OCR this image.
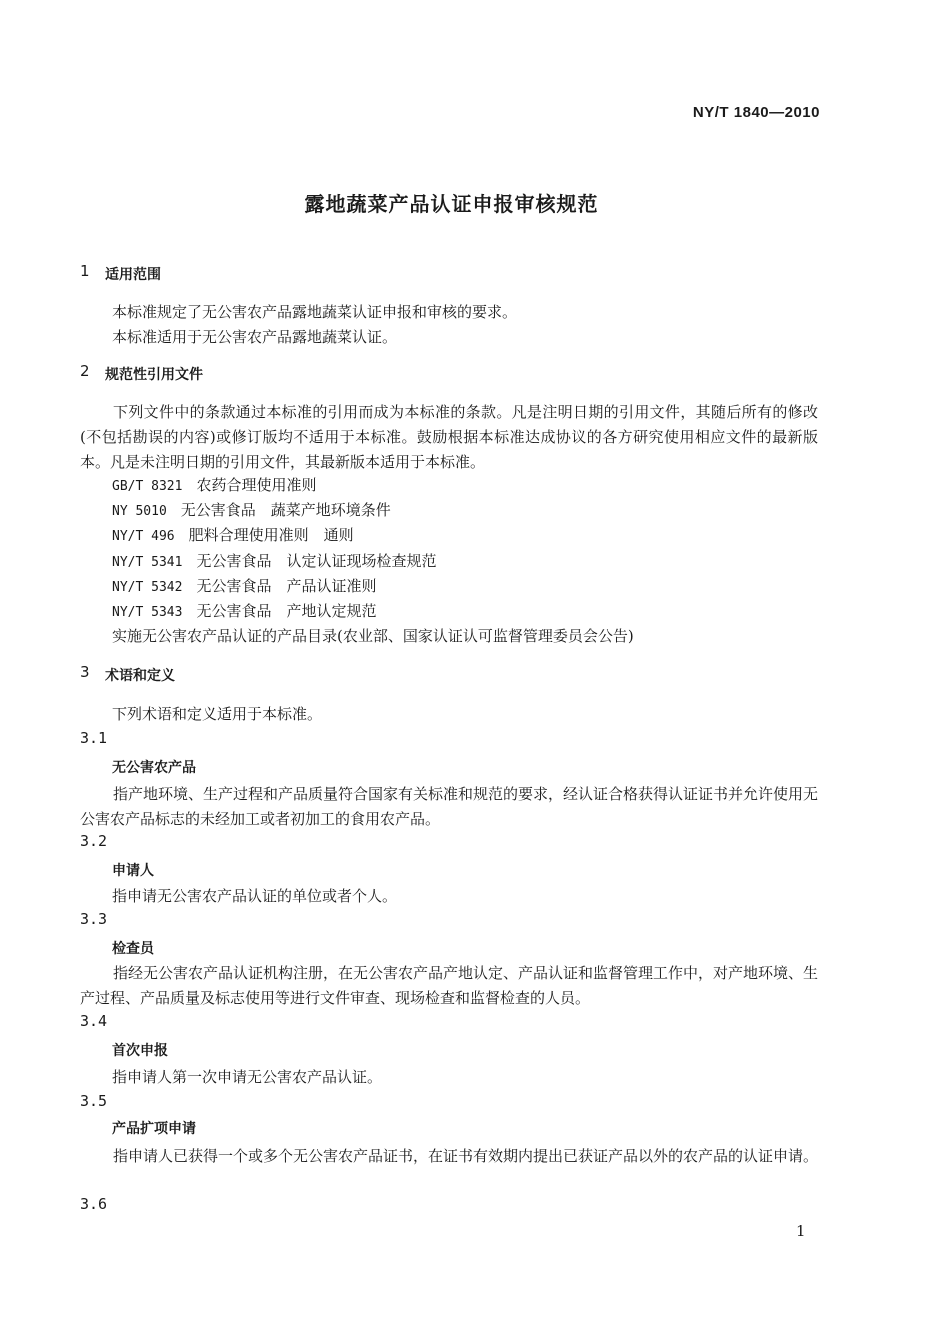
NY/T 1840—2010
露地蔬菜产品认证申报审核规范
1 适用范围
本标准规定了无公害农产品露地蔬菜认证申报和审核的要求。
本标准适用于无公害农产品露地蔬菜认证。
2 规范性引用文件
下列文件中的条款通过本标准的引用而成为本标准的条款。凡是注明日期的引用文件，其随后所有的修改(不包括勘误的内容)或修订版均不适用于本标准。鼓励根据本标准达成协议的各方研究使用相应文件的最新版本。凡是未注明日期的引用文件，其最新版本适用于本标准。
GB/T 8321 农药合理使用准则
NY 5010 无公害食品　蔬菜产地环境条件
NY/T 496 肥料合理使用准则　通则
NY/T 5341 无公害食品　认定认证现场检查规范
NY/T 5342 无公害食品　产品认证准则
NY/T 5343 无公害食品　产地认定规范
实施无公害农产品认证的产品目录(农业部、国家认证认可监督管理委员会公告)
3 术语和定义
下列术语和定义适用于本标准。
3.1
无公害农产品
指产地环境、生产过程和产品质量符合国家有关标准和规范的要求，经认证合格获得认证证书并允许使用无公害农产品标志的未经加工或者初加工的食用农产品。
3.2
申请人
指申请无公害农产品认证的单位或者个人。
3.3
检查员
指经无公害农产品认证机构注册，在无公害农产品产地认定、产品认证和监督管理工作中，对产地环境、生产过程、产品质量及标志使用等进行文件审查、现场检查和监督检查的人员。
3.4
首次申报
指申请人第一次申请无公害农产品认证。
3.5
产品扩项申请
指申请人已获得一个或多个无公害农产品证书，在证书有效期内提出已获证产品以外的农产品的认证申请。
3.6
1
